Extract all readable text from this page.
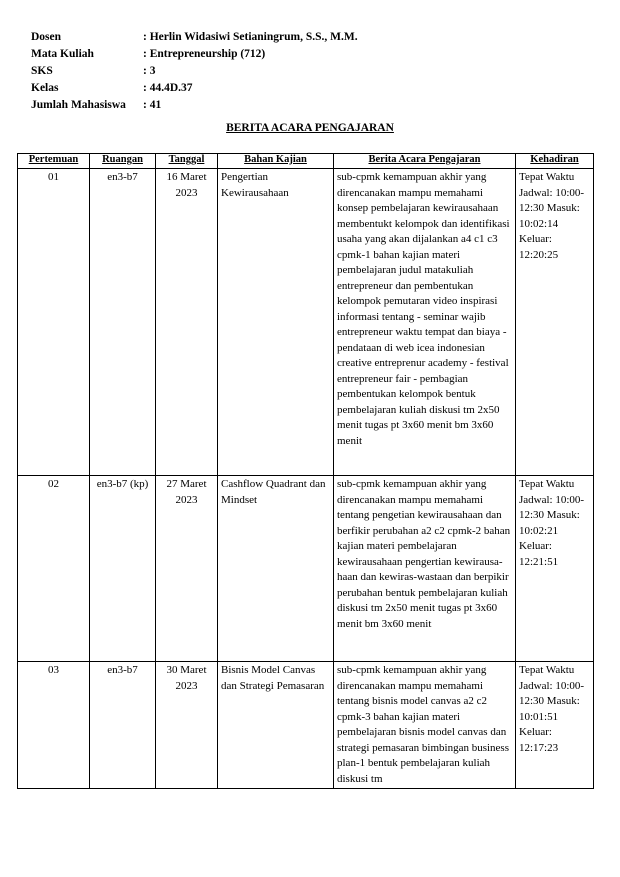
Dosen	: Herlin Widasiwi Setianingrum, S.S., M.M.
Mata Kuliah	: Entrepreneurship (712)
SKS	: 3
Kelas	: 44.4D.37
Jumlah Mahasiswa	: 41
BERITA ACARA PENGAJARAN
Pertemuan	Ruangan	Tanggal	Bahan Kajian	Berita Acara Pengajaran	Kehadiran
01	en3-b7	16 Maret 2023	Pengertian Kewirausahaan	sub-cpmk kemampuan akhir yang direncanakan mampu memahami konsep pembelajaran kewirausahaan membentukt kelompok dan identifikasi usaha yang akan dijalankan a4 c1 c3 cpmk-1 bahan kajian materi pembelajaran judul matakuliah entrepreneur dan pembentukan kelompok pemutaran video inspirasi informasi tentang - seminar wajib entrepreneur waktu tempat dan biaya - pendataan di web icea indonesian creative entreprenur academy - festival entrepreneur fair - pembagian pembentukan kelompok bentuk pembelajaran kuliah diskusi tm 2x50 menit tugas pt 3x60 menit bm 3x60 menit	Tepat Waktu Jadwal: 10:00-12:30 Masuk: 10:02:14 Keluar: 12:20:25
02	en3-b7 (kp)	27 Maret 2023	Cashflow Quadrant dan Mindset	sub-cpmk kemampuan akhir yang direncanakan mampu memahami tentang pengetian kewirausahaan dan berfikir perubahan a2 c2 cpmk-2 bahan kajian materi pembelajaran kewirausahaan pengertian kewirausa-haan dan kewiras-wastaan dan berpikir perubahan bentuk pembelajaran kuliah diskusi tm 2x50 menit tugas pt 3x60 menit bm 3x60 menit	Tepat Waktu Jadwal: 10:00-12:30 Masuk: 10:02:21 Keluar: 12:21:51
03	en3-b7	30 Maret 2023	Bisnis Model Canvas dan Strategi Pemasaran	sub-cpmk kemampuan akhir yang direncanakan mampu memahami tentang bisnis model canvas a2 c2 cpmk-3 bahan kajian materi pembelajaran bisnis model canvas dan strategi pemasaran bimbingan business plan-1 bentuk pembelajaran kuliah diskusi tm	Tepat Waktu Jadwal: 10:00-12:30 Masuk: 10:01:51 Keluar: 12:17:23
